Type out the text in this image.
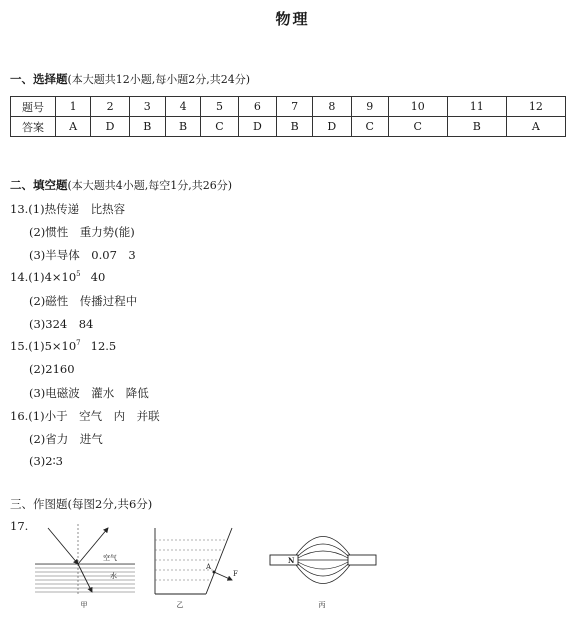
物理
一、选择题(本大题共12小题,每小题2分,共24分)
题号	1	2	3	4	5	6	7	8	9	10	11	12
答案	A	D	B	B	C	D	B	D	C	C	B	A
二、填空题(本大题共4小题,每空1分,共26分)
13.(1)热传递　比热容
(2)惯性　重力势(能)
(3)半导体　0.07　3
$14.(1)4\times 10^5$ 40
(2)磁性　传播过程中
(3)324　84
$15.(1)5\times 10^7$ 12.5
(2)2160
(3)电磁波　灌水　降低
16.(1)小于　空气　内　并联
(2)省力　进气
(3)2∶3
三、作图题(每图2分,共6分)
17.
空气
水
甲
A
F
乙
N
丙
